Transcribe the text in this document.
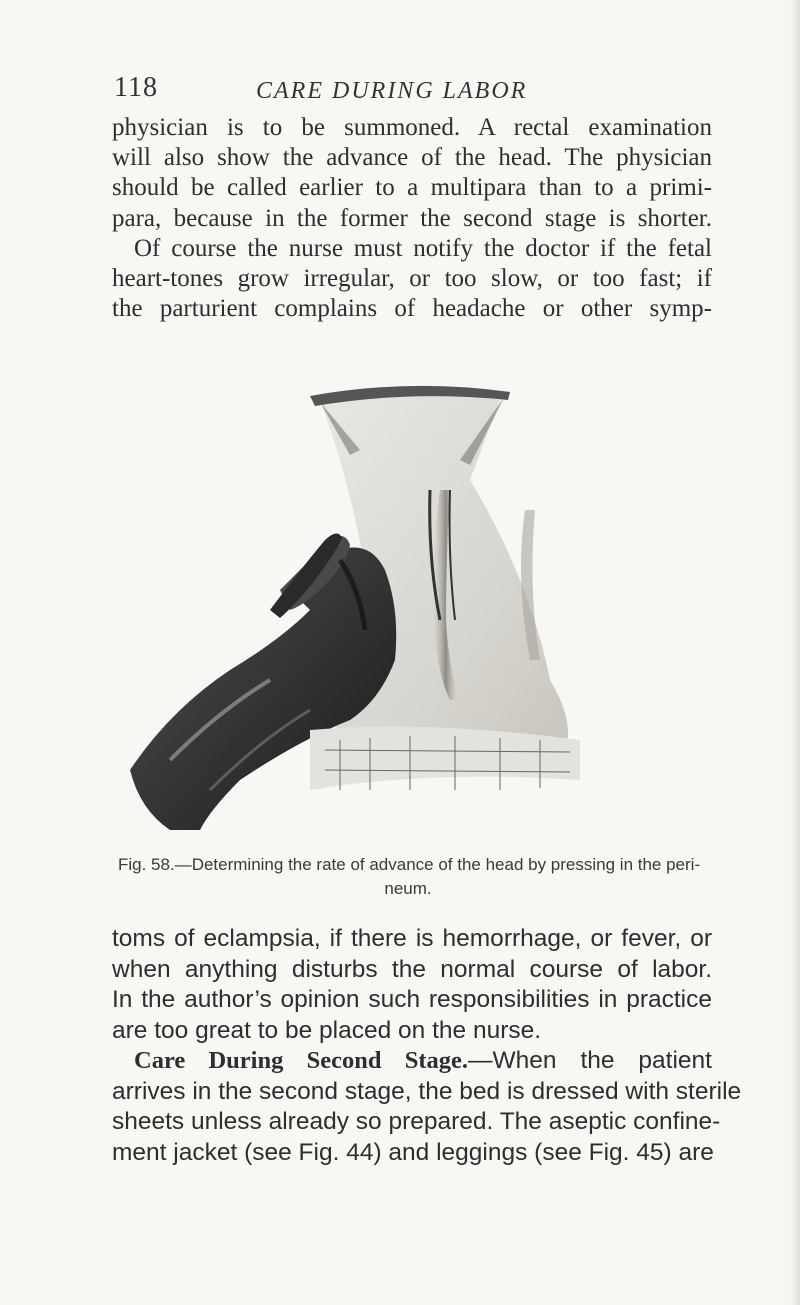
118	CARE DURING LABOR
physician is to be summoned. A rectal examination
will also show the advance of the head. The physician
should be called earlier to a multipara than to a primi-
para, because in the former the second stage is shorter.
Of course the nurse must notify the doctor if the fetal
heart-tones grow irregular, or too slow, or too fast; if
the parturient complains of headache or other symp-
Fig. 58.—Determining the rate of advance of the head by pressing in the peri-
neum.
toms of eclampsia, if there is hemorrhage, or fever, or
when anything disturbs the normal course of labor.
In the author’s opinion such responsibilities in practice
are too great to be placed on the nurse.
Care During Second Stage.—When the patient
arrives in the second stage, the bed is dressed with sterile
sheets unless already so prepared. The aseptic confine-
ment jacket (see Fig. 44) and leggings (see Fig. 45) are
